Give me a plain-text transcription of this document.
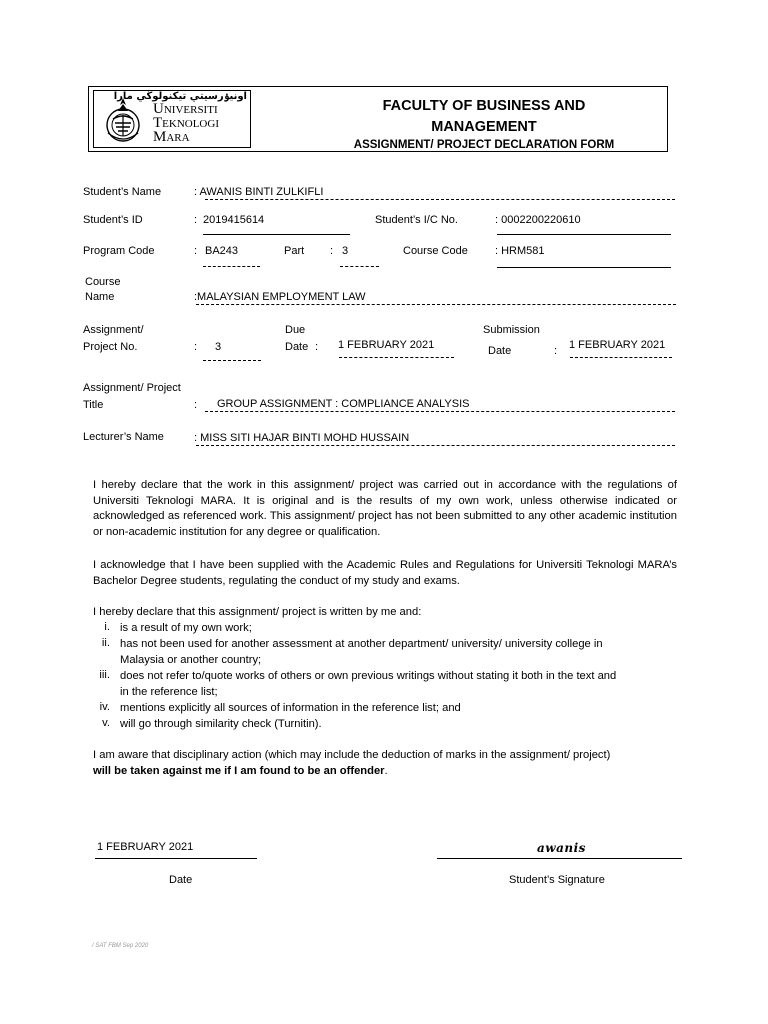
اونيۏرسيتي تيكنولوڬي مارا
Universiti
Teknologi
Mara
FACULTY OF BUSINESS AND
MANAGEMENT
ASSIGNMENT/ PROJECT DECLARATION FORM
Student’s Name	: AWANIS BINTI ZULKIFLI
Student’s ID	: 2019415614	Student’s I/C No.	: 0002200220610
Program Code	: BA243	Part : 3	Course Code : HRM581
Course
Name	:MALAYSIAN EMPLOYMENT LAW
Assignment/
Project No.	: 3
Due
Date : 1 FEBRUARY 2021
Submission
Date	: 1 FEBRUARY 2021
Assignment/ Project
Title	: GROUP ASSIGNMENT : COMPLIANCE ANALYSIS
Lecturer’s Name	: MISS SITI HAJAR BINTI MOHD HUSSAIN
I hereby declare that the work in this assignment/ project was carried out in accordance with the regulations of Universiti Teknologi MARA. It is original and is the results of my own work, unless otherwise indicated or acknowledged as referenced work. This assignment/ project has not been submitted to any other academic institution or non-academic institution for any degree or qualification.
I acknowledge that I have been supplied with the Academic Rules and Regulations for Universiti Teknologi MARA’s Bachelor Degree students, regulating the conduct of my study and exams.
I hereby declare that this assignment/ project is written by me and:
i. is a result of my own work;
ii. has not been used for another assessment at another department/ university/ university college in
Malaysia or another country;
iii. does not refer to/quote works of others or own previous writings without stating it both in the text and
in the reference list;
iv. mentions explicitly all sources of information in the reference list; and
v. will go through similarity check (Turnitin).
I am aware that disciplinary action (which may include the deduction of marks in the assignment/ project)
will be taken against me if I am found to be an offender.
1 FEBRUARY 2021
Date
awanis
Student’s Signature
/ SAT FBM Sep 2020
